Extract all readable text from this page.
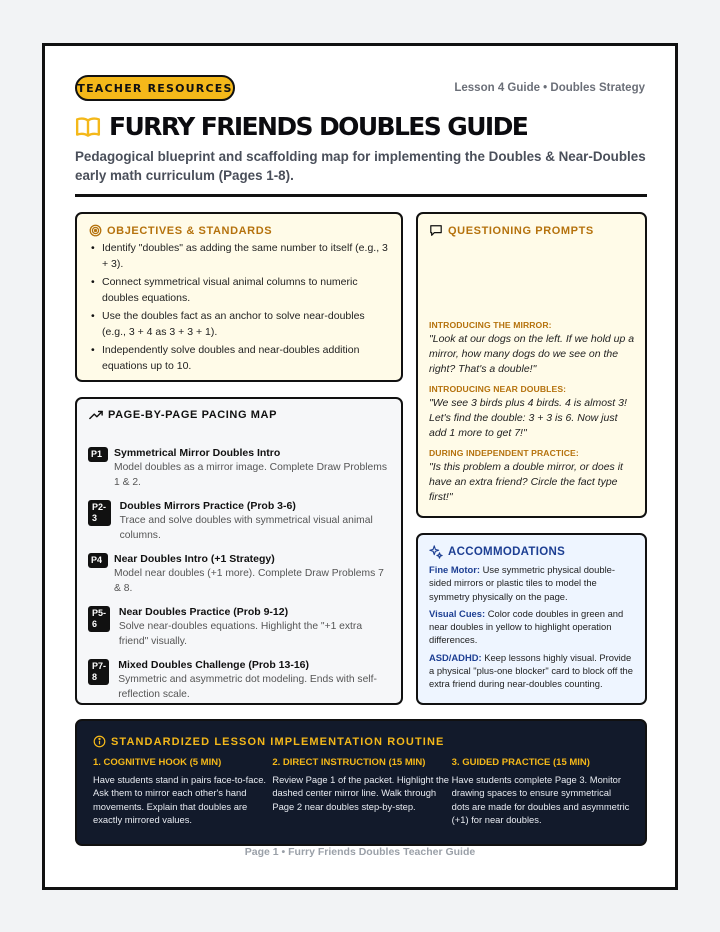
TEACHER RESOURCES	Lesson 4 Guide • Doubles Strategy
FURRY FRIENDS DOUBLES GUIDE

Pedagogical blueprint and scaffolding map for implementing the Doubles & Near-Doubles early math curriculum (Pages 1-8).

OBJECTIVES & STANDARDS
• Identify "doubles" as adding the same number to itself (e.g., 3 + 3).
• Connect symmetrical visual animal columns to numeric doubles equations.
• Use the doubles fact as an anchor to solve near-doubles (e.g., 3 + 4 as 3 + 3 + 1).
• Independently solve doubles and near-doubles addition equations up to 10.
QUESTIONING PROMPTS
INTRODUCING THE MIRROR:
"Look at our dogs on the left. If we hold up a mirror, how many dogs do we see on the right? That's a double!"
INTRODUCING NEAR DOUBLES:
"We see 3 birds plus 4 birds. 4 is almost 3! Let's find the double: 3 + 3 is 6. Now just add 1 more to get 7!"
DURING INDEPENDENT PRACTICE:
"Is this problem a double mirror, or does it have an extra friend? Circle the fact type first!"
PAGE-BY-PAGE PACING MAP
P1	Symmetrical Mirror Doubles Intro
Model doubles as a mirror image. Complete Draw Problems 1 & 2.
P2-3
Doubles Mirrors Practice (Prob 3-6)
Trace and solve doubles with symmetrical visual animal columns.
P4	Near Doubles Intro (+1 Strategy)
Model near doubles (+1 more). Complete Draw Problems 7 & 8.
P5-6
Near Doubles Practice (Prob 9-12)
Solve near-doubles equations. Highlight the "+1 extra friend" visually.
P7-8
Mixed Doubles Challenge (Prob 13-16)
Symmetric and asymmetric dot modeling. Ends with self-reflection scale.
ACCOMMODATIONS

Fine Motor: Use symmetric physical double-sided mirrors or plastic tiles to model the symmetry physically on the page.

Visual Cues: Color code doubles in green and near doubles in yellow to highlight operation differences.

ASD/ADHD: Keep lessons highly visual. Provide a physical "plus-one blocker" card to block off the extra friend during near-doubles counting.

STANDARDIZED LESSON IMPLEMENTATION ROUTINE
1. COGNITIVE HOOK (5 MIN)
Have students stand in pairs face-to-face. Ask them to mirror each other's hand movements. Explain that doubles are exactly mirrored values.
2. DIRECT INSTRUCTION (15 MIN)
Review Page 1 of the packet. Highlight the dashed center mirror line. Walk through Page 2 near doubles step-by-step.
3. GUIDED PRACTICE (15 MIN)
Have students complete Page 3. Monitor drawing spaces to ensure symmetrical dots are made for doubles and asymmetric (+1) for near doubles.
Page 1 • Furry Friends Doubles Teacher Guide
